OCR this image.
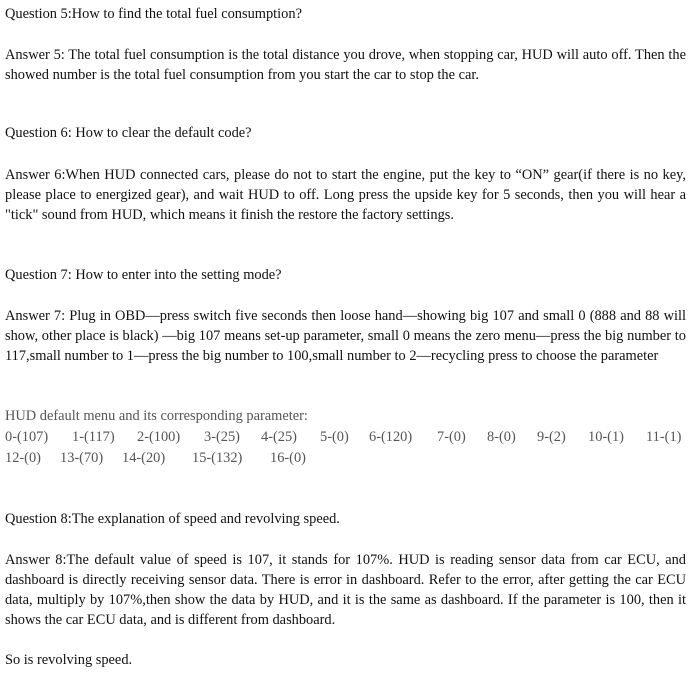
Question 5:How to find the total fuel consumption?

Answer 5: The total fuel consumption is the total distance you drove, when stopping car, HUD will auto off. Then the showed number is the total fuel consumption from you start the car to stop the car.

Question 6: How to clear the default code?

Answer 6:When HUD connected cars, please do not to start the engine, put the key to “ON” gear(if there is no key, please place to energized gear), and wait HUD to off. Long press the upside key for 5 seconds, then you will hear a "tick" sound from HUD, which means it finish the restore the factory settings.

Question 7: How to enter into the setting mode?

Answer 7: Plug in OBD—press switch five seconds then loose hand—showing big 107 and small 0 (888 and 88 will show, other place is black) —big 107 means set-up parameter, small 0 means the zero menu—press the big number to 117,small number to 1—press the big number to 100,small number to 2—recycling press to choose the parameter

HUD default menu and its corresponding parameter:

0-(107) 1-(117) 2-(100) 3-(25) 4-(25) 5-(0) 6-(120) 7-(0) 8-(0) 9-(2) 10-(1) 11-(1)
12-(0) 13-(70) 14-(20) 15-(132) 16-(0)

Question 8:The explanation of speed and revolving speed.

Answer 8:The default value of speed is 107, it stands for 107%. HUD is reading sensor data from car ECU, and dashboard is directly receiving sensor data. There is error in dashboard. Refer to the error, after getting the car ECU data, multiply by 107%,then show the data by HUD, and it is the same as dashboard. If the parameter is 100, then it shows the car ECU data, and is different from dashboard.

So is revolving speed.
